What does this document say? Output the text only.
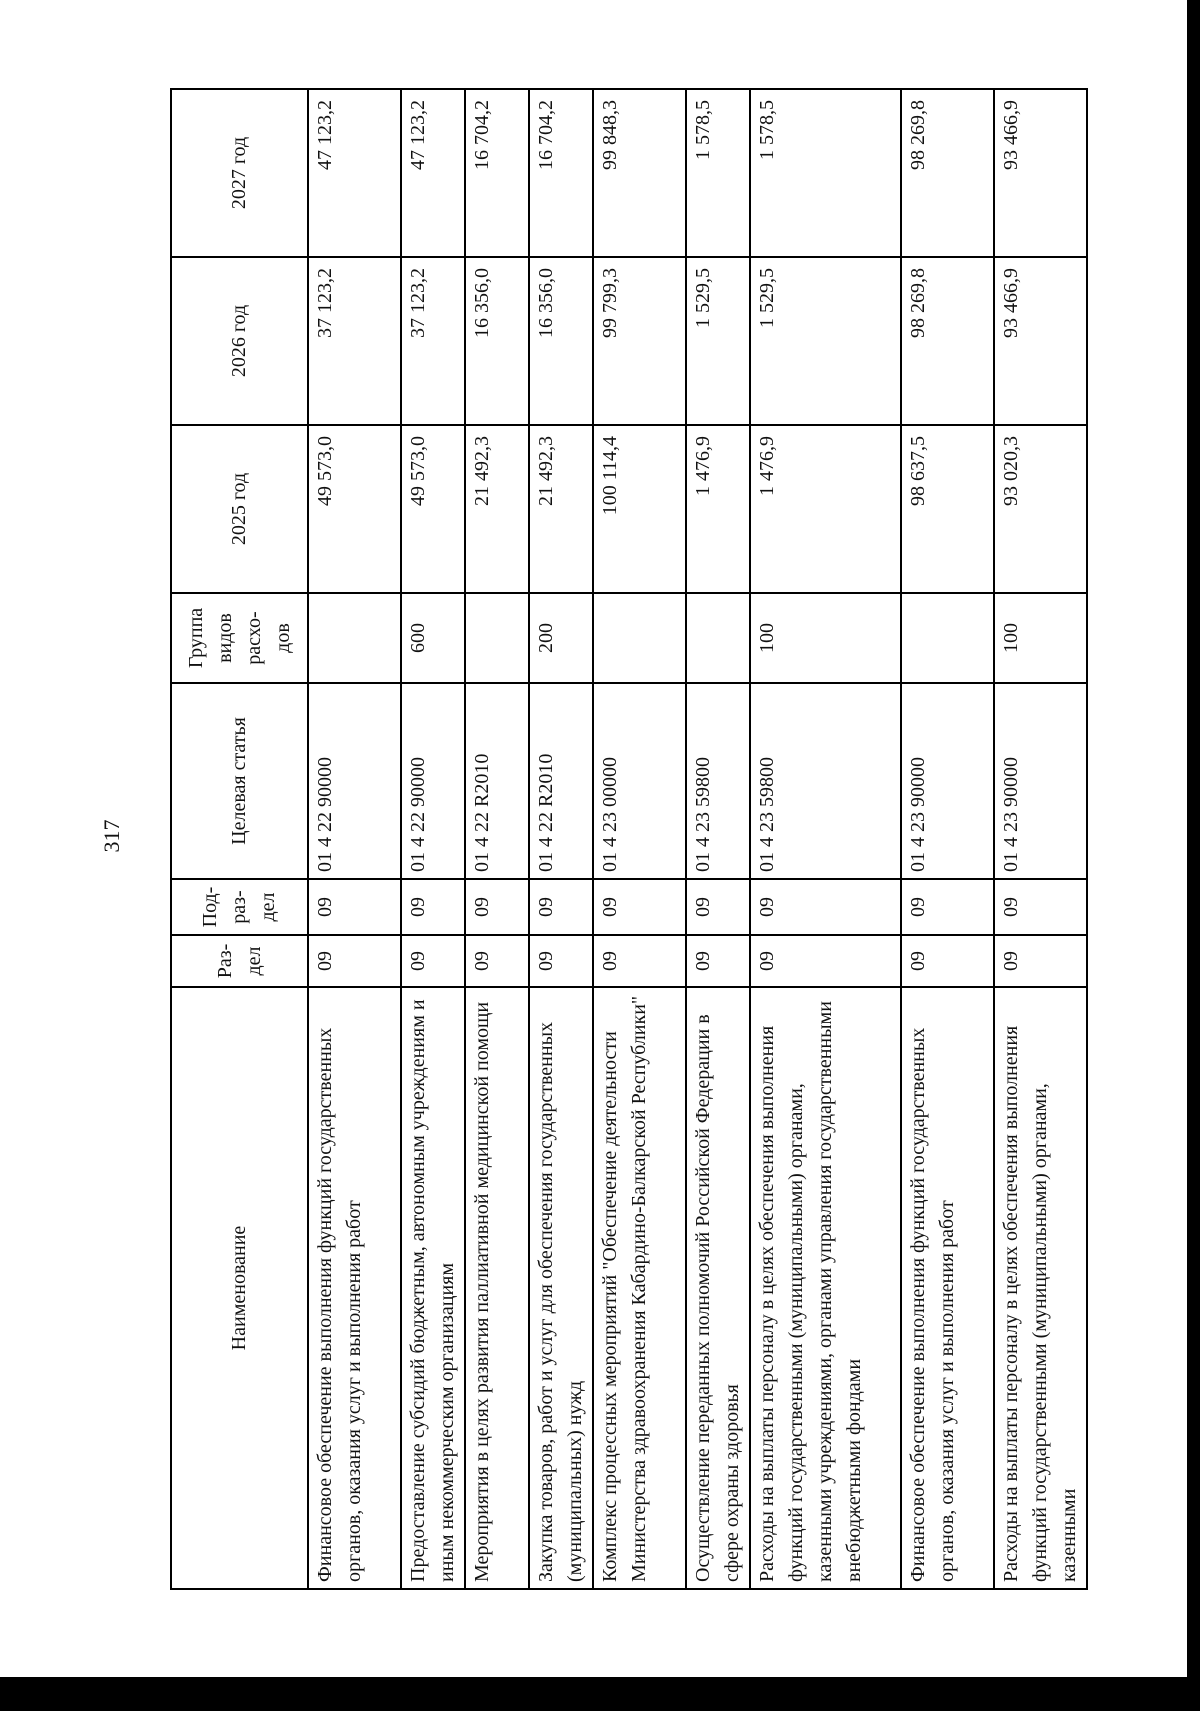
317
Наименование	Раз-дел	Под-раз-дел	Целевая статья	Группа видов расхо-дов	2025 год	2026 год	2027 год
Финансовое обеспечение выполнения функций государственных органов, оказания услуг и выполнения работ	09	09	01 4 22 90000		49 573,0	37 123,2	47 123,2
Предоставление субсидий бюджетным, автономным учреждениям и иным некоммерческим организациям	09	09	01 4 22 90000	600	49 573,0	37 123,2	47 123,2
Мероприятия в целях развития паллиативной медицинской помощи	09	09	01 4 22 R2010		21 492,3	16 356,0	16 704,2
Закупка товаров, работ и услуг для обеспечения государственных (муниципальных) нужд	09	09	01 4 22 R2010	200	21 492,3	16 356,0	16 704,2
Комплекс процессных мероприятий "Обеспечение деятельности Министерства здравоохранения Кабардино-Балкарской Республики"	09	09	01 4 23 00000		100 114,4	99 799,3	99 848,3
Осуществление переданных полномочий Российской Федерации в сфере охраны здоровья	09	09	01 4 23 59800		1 476,9	1 529,5	1 578,5
Расходы на выплаты персоналу в целях обеспечения выполнения функций государственными (муниципальными) органами, казенными учреждениями, органами управления государственными внебюджетными фондами	09	09	01 4 23 59800	100	1 476,9	1 529,5	1 578,5
Финансовое обеспечение выполнения функций государственных органов, оказания услуг и выполнения работ	09	09	01 4 23 90000		98 637,5	98 269,8	98 269,8
Расходы на выплаты персоналу в целях обеспечения выполнения функций государственными (муниципальными) органами, казенными	09	09	01 4 23 90000	100	93 020,3	93 466,9	93 466,9
